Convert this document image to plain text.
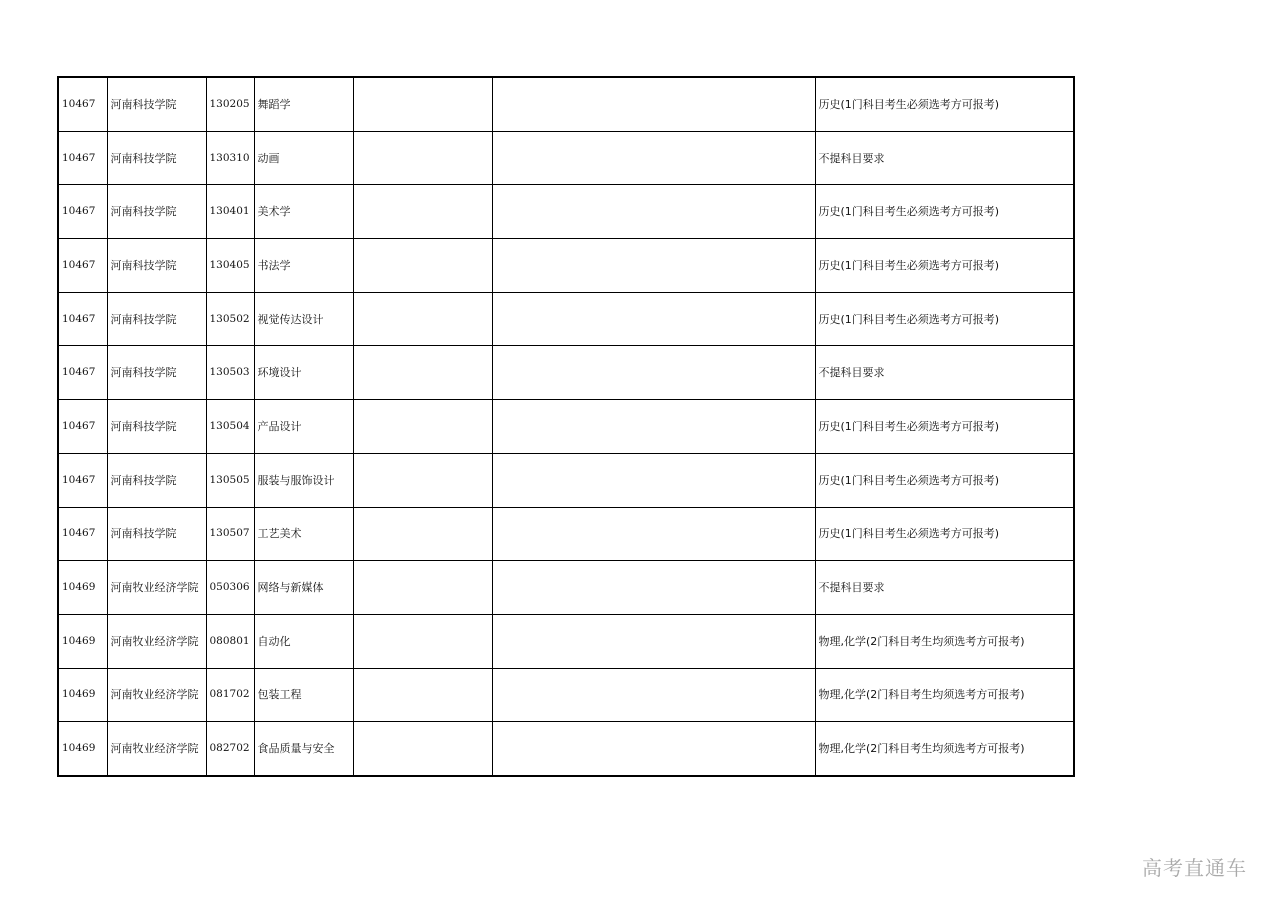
10467	河南科技学院	130205	舞蹈学			历史(1门科目考生必须选考方可报考)
10467	河南科技学院	130310	动画			不提科目要求
10467	河南科技学院	130401	美术学			历史(1门科目考生必须选考方可报考)
10467	河南科技学院	130405	书法学			历史(1门科目考生必须选考方可报考)
10467	河南科技学院	130502	视觉传达设计			历史(1门科目考生必须选考方可报考)
10467	河南科技学院	130503	环境设计			不提科目要求
10467	河南科技学院	130504	产品设计			历史(1门科目考生必须选考方可报考)
10467	河南科技学院	130505	服装与服饰设计			历史(1门科目考生必须选考方可报考)
10467	河南科技学院	130507	工艺美术			历史(1门科目考生必须选考方可报考)
10469	河南牧业经济学院	050306	网络与新媒体			不提科目要求
10469	河南牧业经济学院	080801	自动化			物理,化学(2门科目考生均须选考方可报考)
10469	河南牧业经济学院	081702	包装工程			物理,化学(2门科目考生均须选考方可报考)
10469	河南牧业经济学院	082702	食品质量与安全			物理,化学(2门科目考生均须选考方可报考)
高考直通车
